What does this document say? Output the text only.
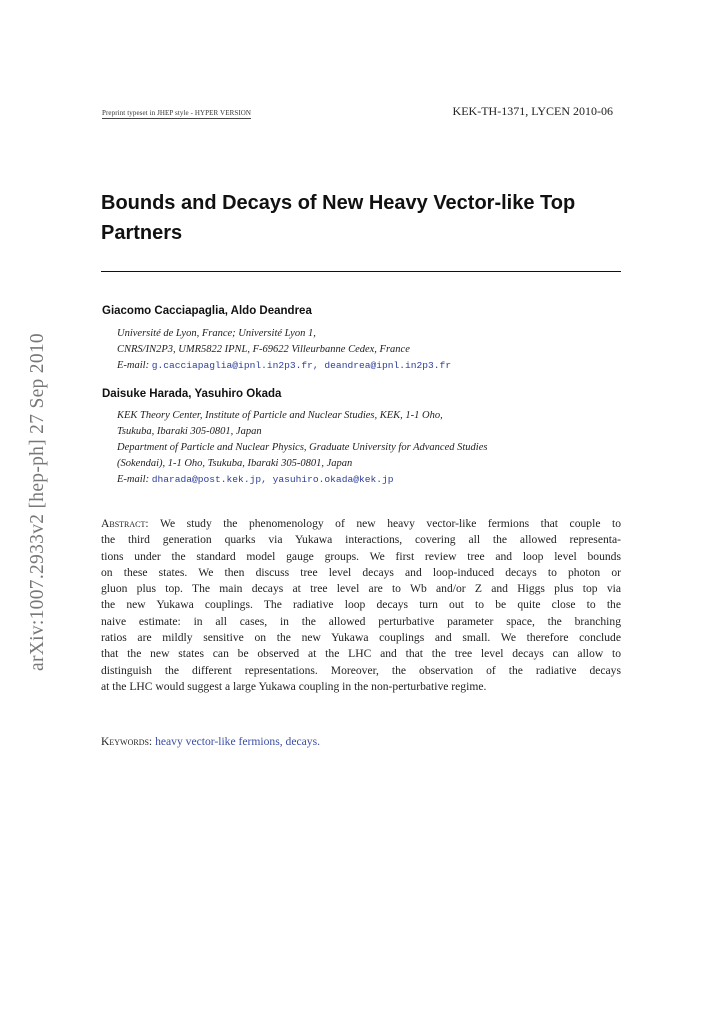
Preprint typeset in JHEP style - HYPER VERSION	KEK-TH-1371, LYCEN 2010-06
arXiv:1007.2933v2 [hep-ph] 27 Sep 2010
Bounds and Decays of New Heavy Vector-like Top
Partners
Giacomo Cacciapaglia, Aldo Deandrea
Université de Lyon, France; Université Lyon 1,
CNRS/IN2P3, UMR5822 IPNL, F-69622 Villeurbanne Cedex, France
E-mail: g.cacciapaglia@ipnl.in2p3.fr, deandrea@ipnl.in2p3.fr
Daisuke Harada, Yasuhiro Okada
KEK Theory Center, Institute of Particle and Nuclear Studies, KEK, 1-1 Oho,
Tsukuba, Ibaraki 305-0801, Japan
Department of Particle and Nuclear Physics, Graduate University for Advanced Studies
(Sokendai), 1-1 Oho, Tsukuba, Ibaraki 305-0801, Japan
E-mail: dharada@post.kek.jp, yasuhiro.okada@kek.jp
Abstract: We study the phenomenology of new heavy vector-like fermions that couple to
the third generation quarks via Yukawa interactions, covering all the allowed representa-
tions under the standard model gauge groups. We first review tree and loop level bounds
on these states. We then discuss tree level decays and loop-induced decays to photon or
gluon plus top. The main decays at tree level are to Wb and/or Z and Higgs plus top via
the new Yukawa couplings. The radiative loop decays turn out to be quite close to the
naive estimate: in all cases, in the allowed perturbative parameter space, the branching
ratios are mildly sensitive on the new Yukawa couplings and small. We therefore conclude
that the new states can be observed at the LHC and that the tree level decays can allow to
distinguish the different representations. Moreover, the observation of the radiative decays
at the LHC would suggest a large Yukawa coupling in the non-perturbative regime.
Keywords: heavy vector-like fermions, decays.
